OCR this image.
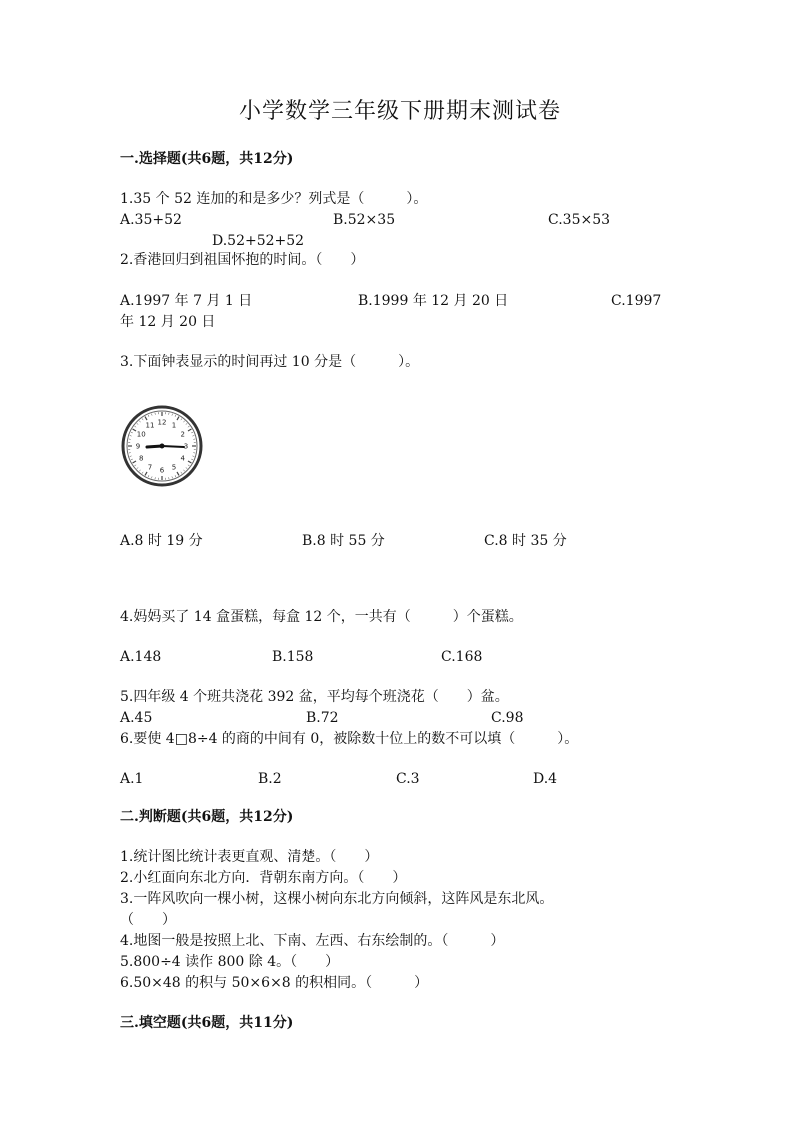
小学数学三年级下册期末测试卷
一.选择题(共6题，共12分)
1.35 个 52 连加的和是多少？列式是（　　　）。
A.35+52	B.52×35	C.35×53
D.52+52+52
2.香港回归到祖国怀抱的时间。（　　）
A.1997 年 7 月 1 日	B.1999 年 12 月 20 日	C.1997
年 12 月 20 日
3.下面钟表显示的时间再过 10 分是（　　　）。
12 1
2
3
4
5
6
7
8
9
10
11
A.8 时 19 分	B.8 时 55 分	C.8 时 35 分
4.妈妈买了 14 盒蛋糕，每盒 12 个，一共有（　　　）个蛋糕。
A.148	B.158	C.168
5.四年级 4 个班共浇花 392 盆，平均每个班浇花（　　）盆。
A.45	B.72	C.98
6.要使 4□8÷4 的商的中间有 0，被除数十位上的数不可以填（　　　）。
A.1	B.2	C.3	D.4
二.判断题(共6题，共12分)
1.统计图比统计表更直观、清楚。（　　）
2.小红面向东北方向．背朝东南方向。（　　）
3.一阵风吹向一棵小树，这棵小树向东北方向倾斜，这阵风是东北风。
（　　）
4.地图一般是按照上北、下南、左西、右东绘制的。（　　　）
5.800÷4 读作 800 除 4。（　　）
6.50×48 的积与 50×6×8 的积相同。（　　　）
三.填空题(共6题，共11分)
